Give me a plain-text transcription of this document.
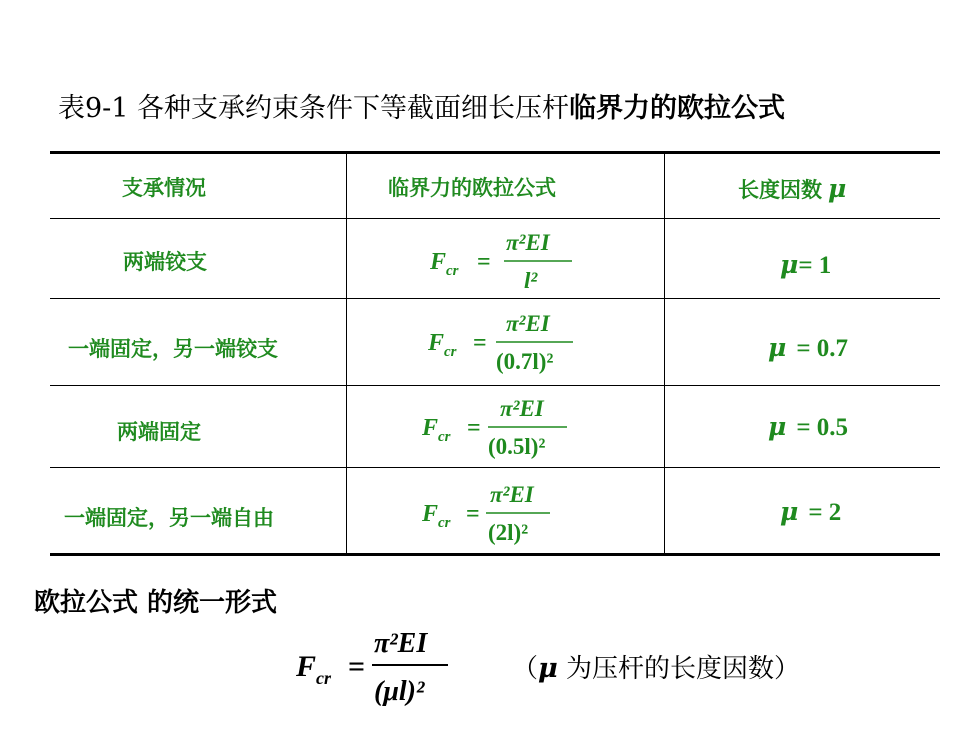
表9-1 各种支承约束条件下等截面细长压杆临界力的欧拉公式
支承情况	临界力的欧拉公式	长度因数 μ
两端铰支
一端固定，另一端铰支
两端固定
一端固定，另一端自由
μ= 1
μ = 0.7
μ = 0.5
μ = 2
F cr =
π²EI
l²
F cr =
π²EI
(0.7l)²
F cr =
π²EI
(0.5l)²
F cr =
π²EI
(2l)²
欧拉公式 的统一形式
F cr =
π²EI
(μl)²
（μ 为压杆的长度因数）
